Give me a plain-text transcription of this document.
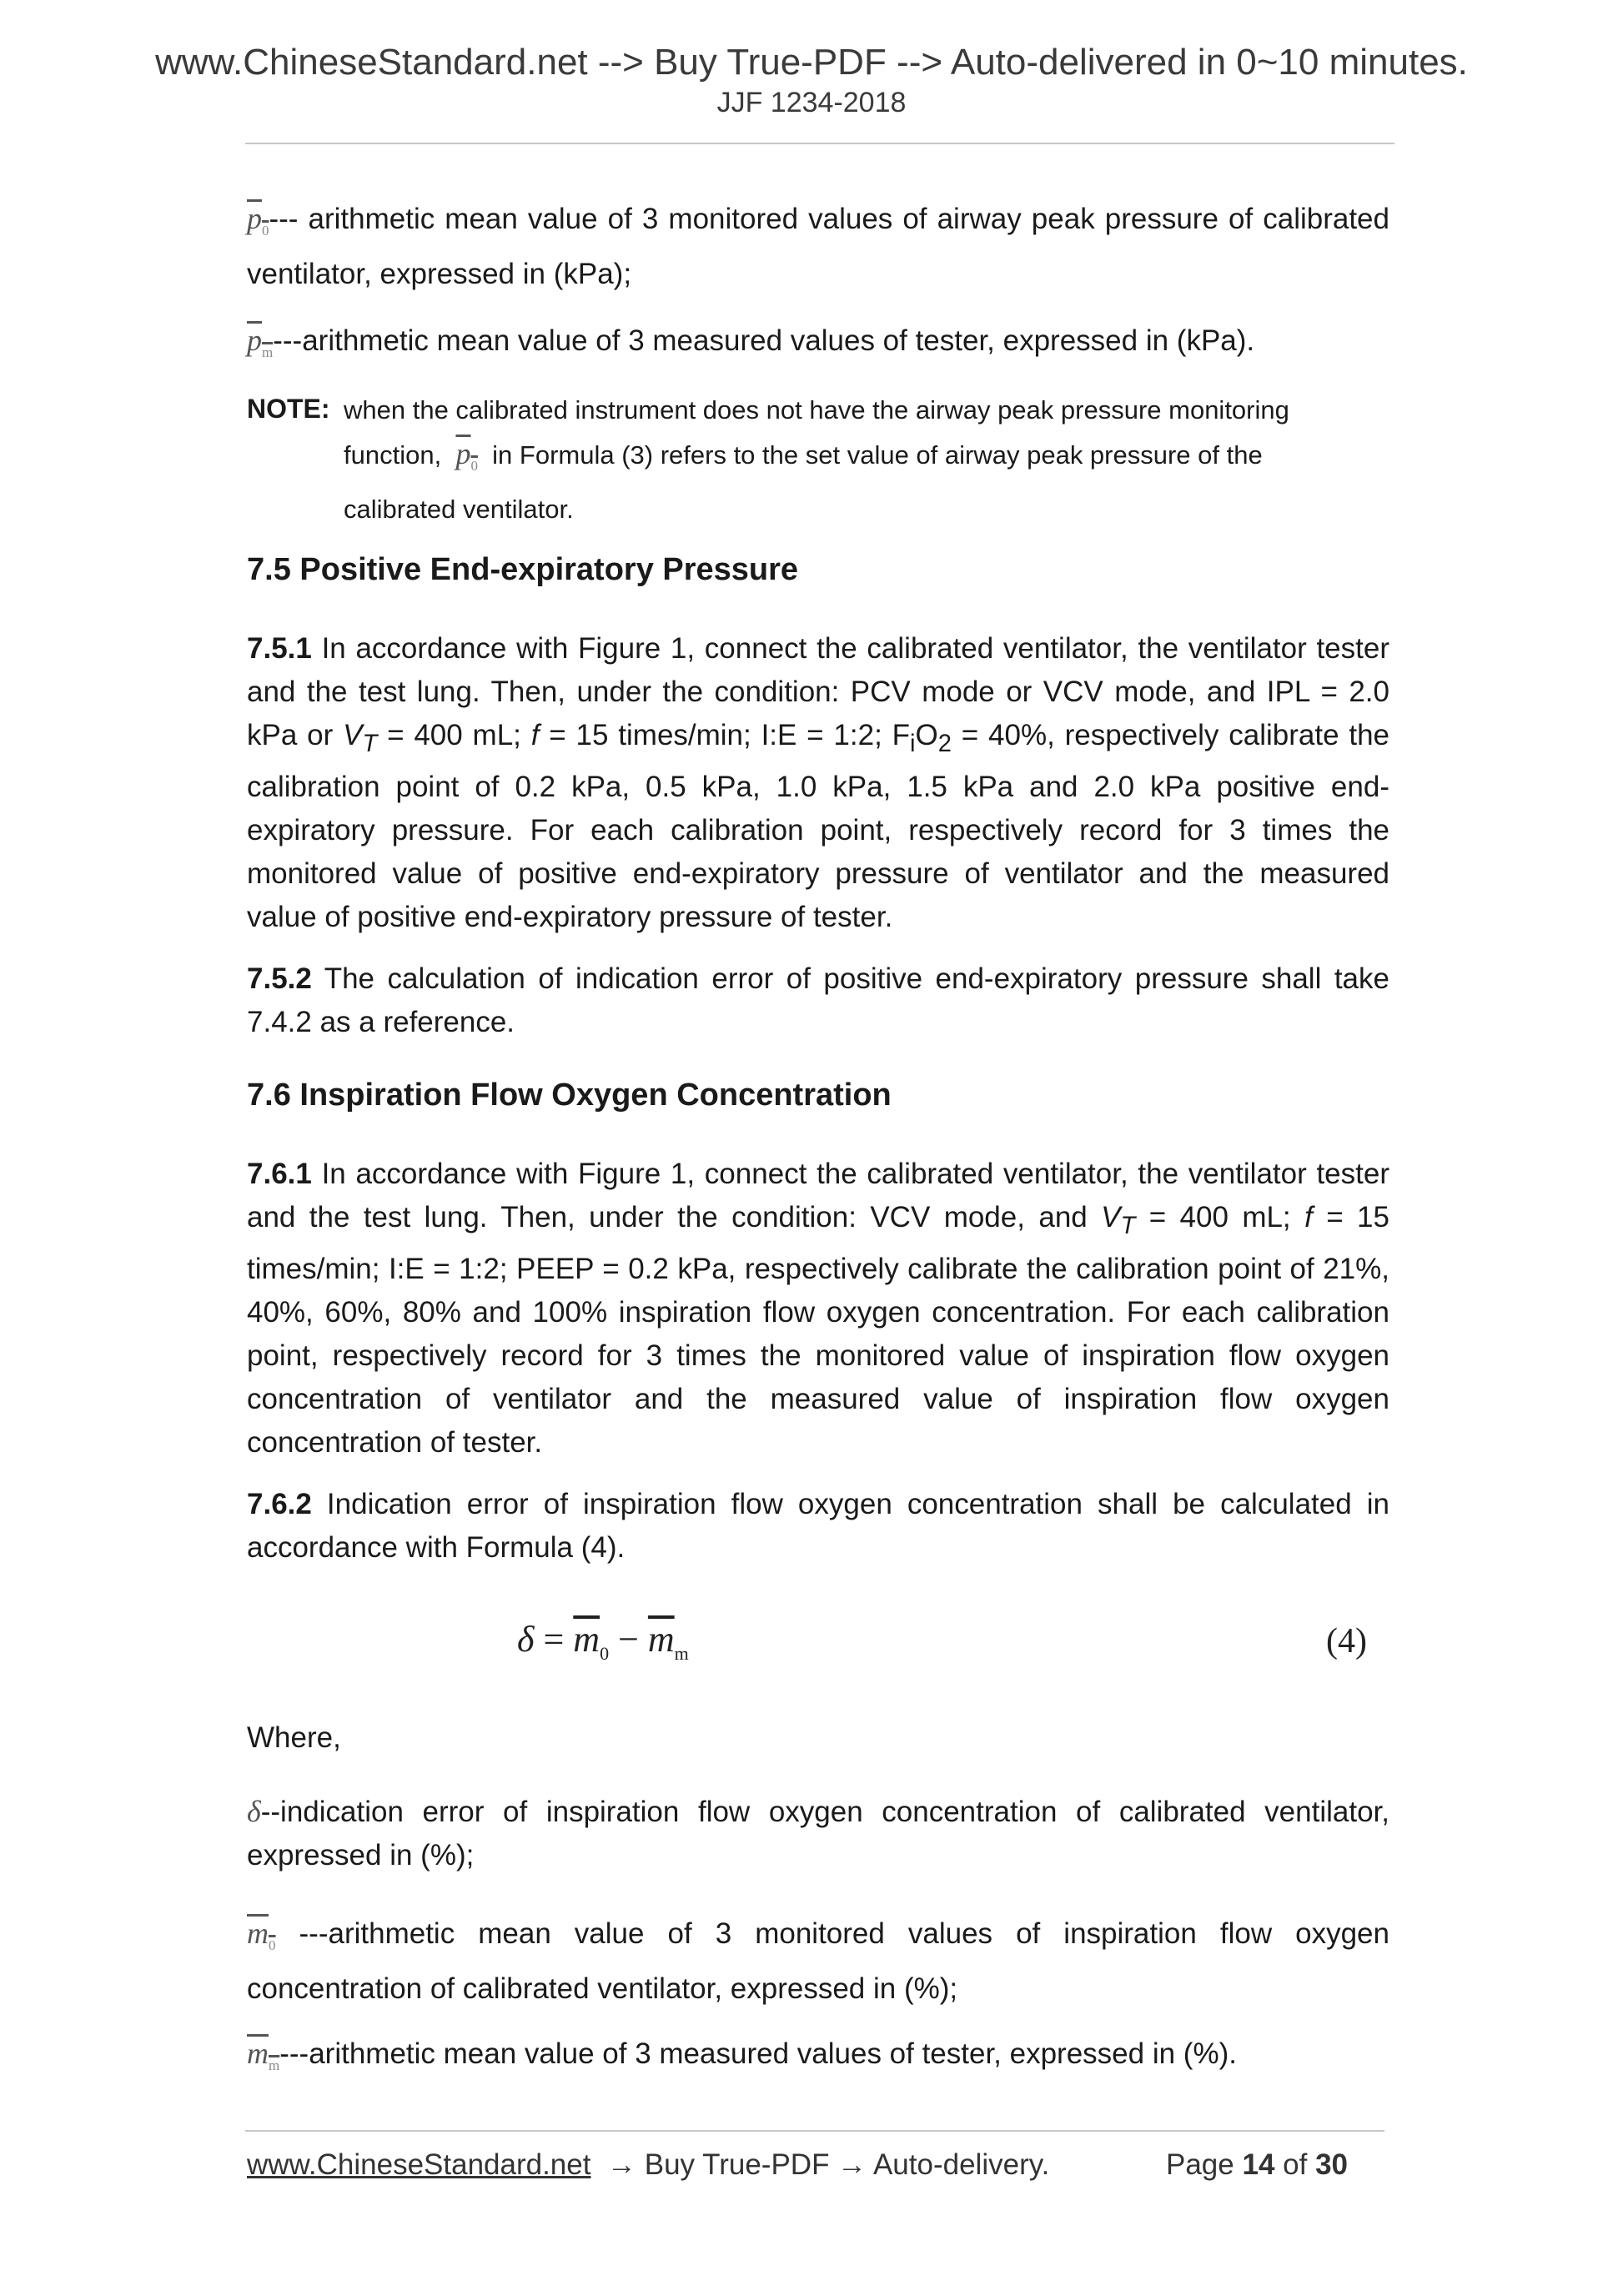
www.ChineseStandard.net --> Buy True-PDF --> Auto-delivered in 0~10 minutes.
JJF 1234-2018
$p_0---$ arithmetic mean value of 3 monitored values of airway peak pressure of calibrated ventilator, expressed in (kPa);
$p_m--$-arithmetic mean value of 3 measured values of tester, expressed in (kPa).
NOTE: when the calibrated instrument does not have the airway peak pressure monitoring
function, $p_0$ in Formula (3) refers to the set value of airway peak pressure of the
calibrated ventilator.
7.5 Positive End-expiratory Pressure
7.5.1 In accordance with Figure 1, connect the calibrated ventilator, the ventilator tester and the test lung. Then, under the condition: PCV mode or VCV mode, and IPL = 2.0 kPa or $V_T = 400$ mL; f = 15 times/min; I:E = 1:2; $F_iO_2 = 40\%$, respectively calibrate the calibration point of 0.2 kPa, 0.5 kPa, 1.0 kPa, 1.5 kPa and 2.0 kPa positive end-expiratory pressure. For each calibration point, respectively record for 3 times the monitored value of positive end-expiratory pressure of ventilator and the measured value of positive end-expiratory pressure of tester.
7.5.2 The calculation of indication error of positive end-expiratory pressure shall take 7.4.2 as a reference.
7.6 Inspiration Flow Oxygen Concentration
7.6.1 In accordance with Figure 1, connect the calibrated ventilator, the ventilator tester and the test lung. Then, under the condition: VCV mode, and $V_T = 400$ mL; f = 15 times/min; I:E = 1:2; PEEP = 0.2 kPa, respectively calibrate the calibration point of 21%, 40%, 60%, 80% and 100% inspiration flow oxygen concentration. For each calibration point, respectively record for 3 times the monitored value of inspiration flow oxygen concentration of ventilator and the measured value of inspiration flow oxygen concentration of tester.
7.6.2 Indication error of inspiration flow oxygen concentration shall be calculated in accordance with Formula (4).
$\delta = \overline{m}_0 - \overline{m}_m$	(4)
Where,
δ--indication error of inspiration flow oxygen concentration of calibrated ventilator, expressed in (%);
$m_0$ ---arithmetic mean value of 3 monitored values of inspiration flow oxygen concentration of calibrated ventilator, expressed in (%);
$m_m--$-arithmetic mean value of 3 measured values of tester, expressed in (%).
www.ChineseStandard.net → Buy True-PDF → Auto-delivery.	Page 14 of 30
